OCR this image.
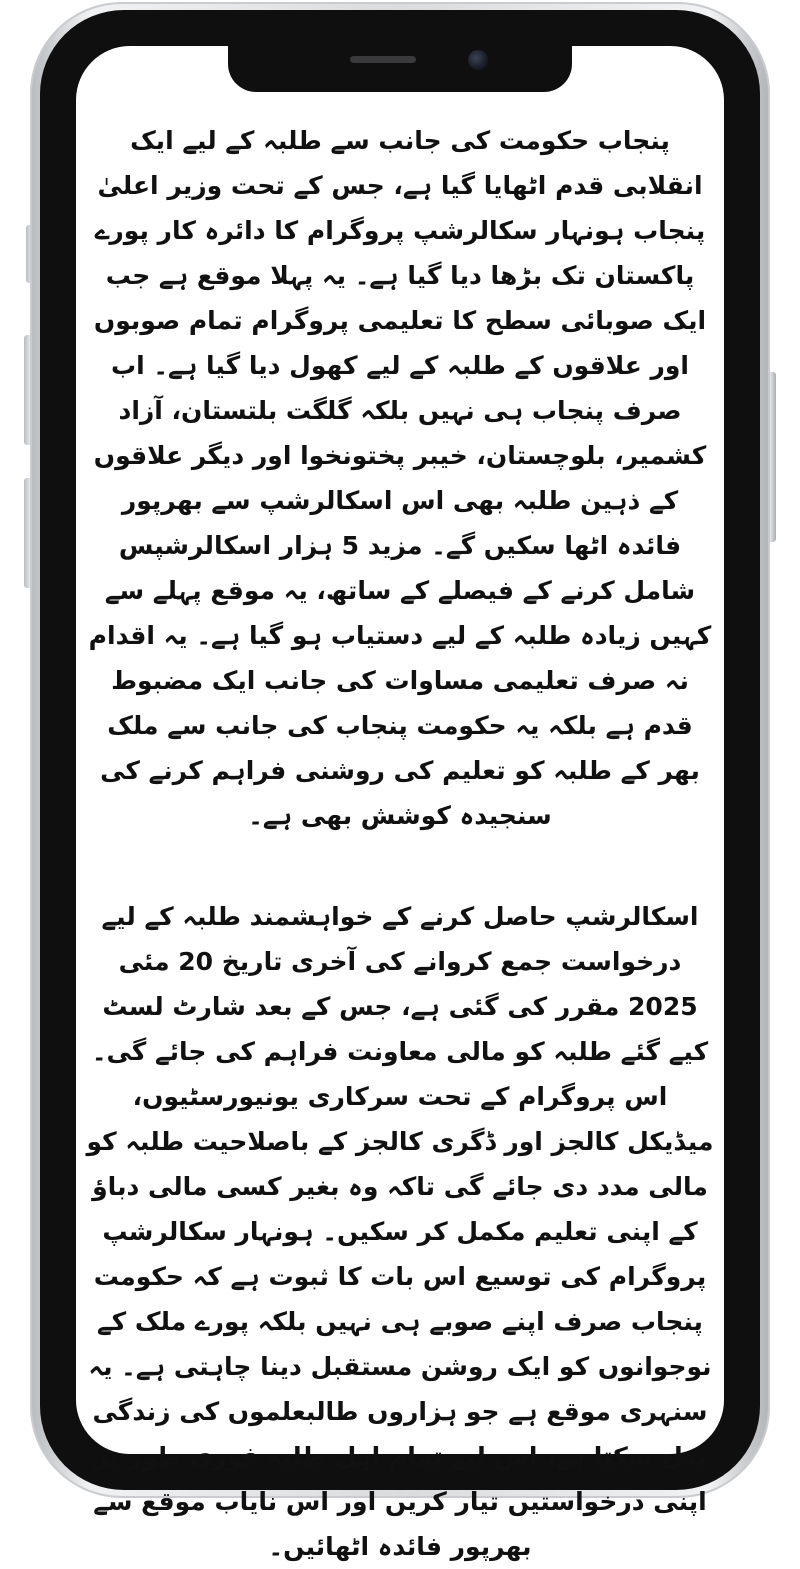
پنجاب حکومت کی جانب سے طلبہ کے لیے ایک انقلابی قدم اٹھایا گیا ہے، جس کے تحت وزیر اعلیٰ پنجاب ہونہار سکالرشپ پروگرام کا دائرہ کار پورے پاکستان تک بڑھا دیا گیا ہے۔ یہ پہلا موقع ہے جب ایک صوبائی سطح کا تعلیمی پروگرام تمام صوبوں اور علاقوں کے طلبہ کے لیے کھول دیا گیا ہے۔ اب صرف پنجاب ہی نہیں بلکہ گلگت بلتستان، آزاد کشمیر، بلوچستان، خیبر پختونخوا اور دیگر علاقوں کے ذہین طلبہ بھی اس اسکالرشپ سے بھرپور فائدہ اٹھا سکیں گے۔ مزید 5 ہزار اسکالرشپس شامل کرنے کے فیصلے کے ساتھ، یہ موقع پہلے سے کہیں زیادہ طلبہ کے لیے دستیاب ہو گیا ہے۔ یہ اقدام نہ صرف تعلیمی مساوات کی جانب ایک مضبوط قدم ہے بلکہ یہ حکومت پنجاب کی جانب سے ملک بھر کے طلبہ کو تعلیم کی روشنی فراہم کرنے کی سنجیدہ کوشش بھی ہے۔

اسکالرشپ حاصل کرنے کے خواہشمند طلبہ کے لیے درخواست جمع کروانے کی آخری تاریخ 20 مئی 2025 مقرر کی گئی ہے، جس کے بعد شارٹ لسٹ کیے گئے طلبہ کو مالی معاونت فراہم کی جائے گی۔ اس پروگرام کے تحت سرکاری یونیورسٹیوں، میڈیکل کالجز اور ڈگری کالجز کے باصلاحیت طلبہ کو مالی مدد دی جائے گی تاکہ وہ بغیر کسی مالی دباؤ کے اپنی تعلیم مکمل کر سکیں۔ ہونہار سکالرشپ پروگرام کی توسیع اس بات کا ثبوت ہے کہ حکومت پنجاب صرف اپنے صوبے ہی نہیں بلکہ پورے ملک کے نوجوانوں کو ایک روشن مستقبل دینا چاہتی ہے۔ یہ سنہری موقع ہے جو ہزاروں طالبعلموں کی زندگی بدل سکتا ہے، اس لیے تمام اہل طلبہ فوری طور پر اپنی درخواستیں تیار کریں اور اس نایاب موقع سے بھرپور فائدہ اٹھائیں۔
